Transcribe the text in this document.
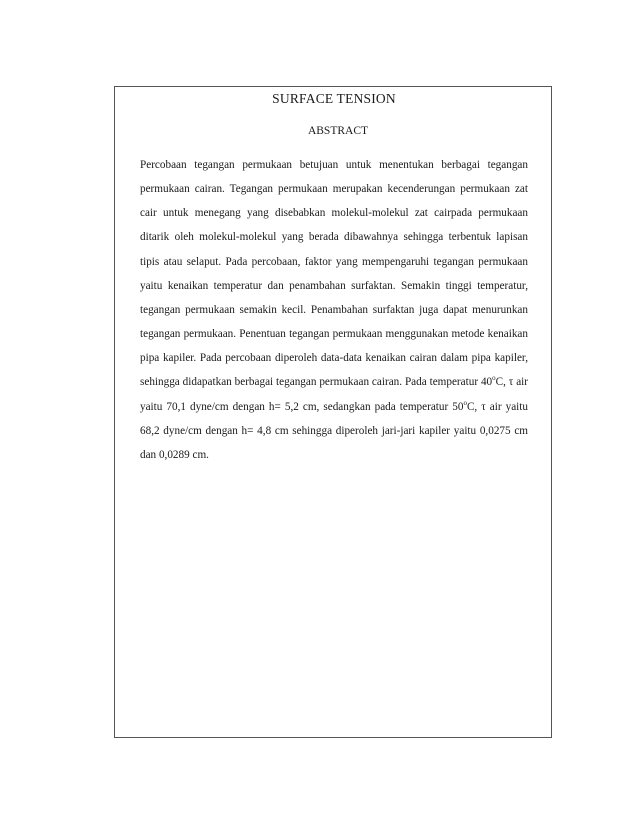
SURFACE TENSION
ABSTRACT

Percobaan tegangan permukaan betujuan untuk menentukan berbagai tegangan permukaan cairan. Tegangan permukaan merupakan kecenderungan permukaan zat cair untuk menegang yang disebabkan molekul-molekul zat cairpada permukaan ditarik oleh molekul-molekul yang berada dibawahnya sehingga terbentuk lapisan tipis atau selaput. Pada percobaan, faktor yang mempengaruhi tegangan permukaan yaitu kenaikan temperatur dan penambahan surfaktan. Semakin tinggi temperatur, tegangan permukaan semakin kecil. Penambahan surfaktan juga dapat menurunkan tegangan permukaan. Penentuan tegangan permukaan menggunakan metode kenaikan pipa kapiler. Pada percobaan diperoleh data-data kenaikan cairan dalam pipa kapiler, sehingga didapatkan berbagai tegangan permukaan cairan. Pada temperatur 40$^o$C, τ air yaitu 70,1 dyne/cm dengan h= 5,2 cm, sedangkan pada temperatur 50$^o$C, τ air yaitu 68,2 dyne/cm dengan h= 4,8 cm sehingga diperoleh jari-jari kapiler yaitu 0,0275 cm dan 0,0289 cm.
